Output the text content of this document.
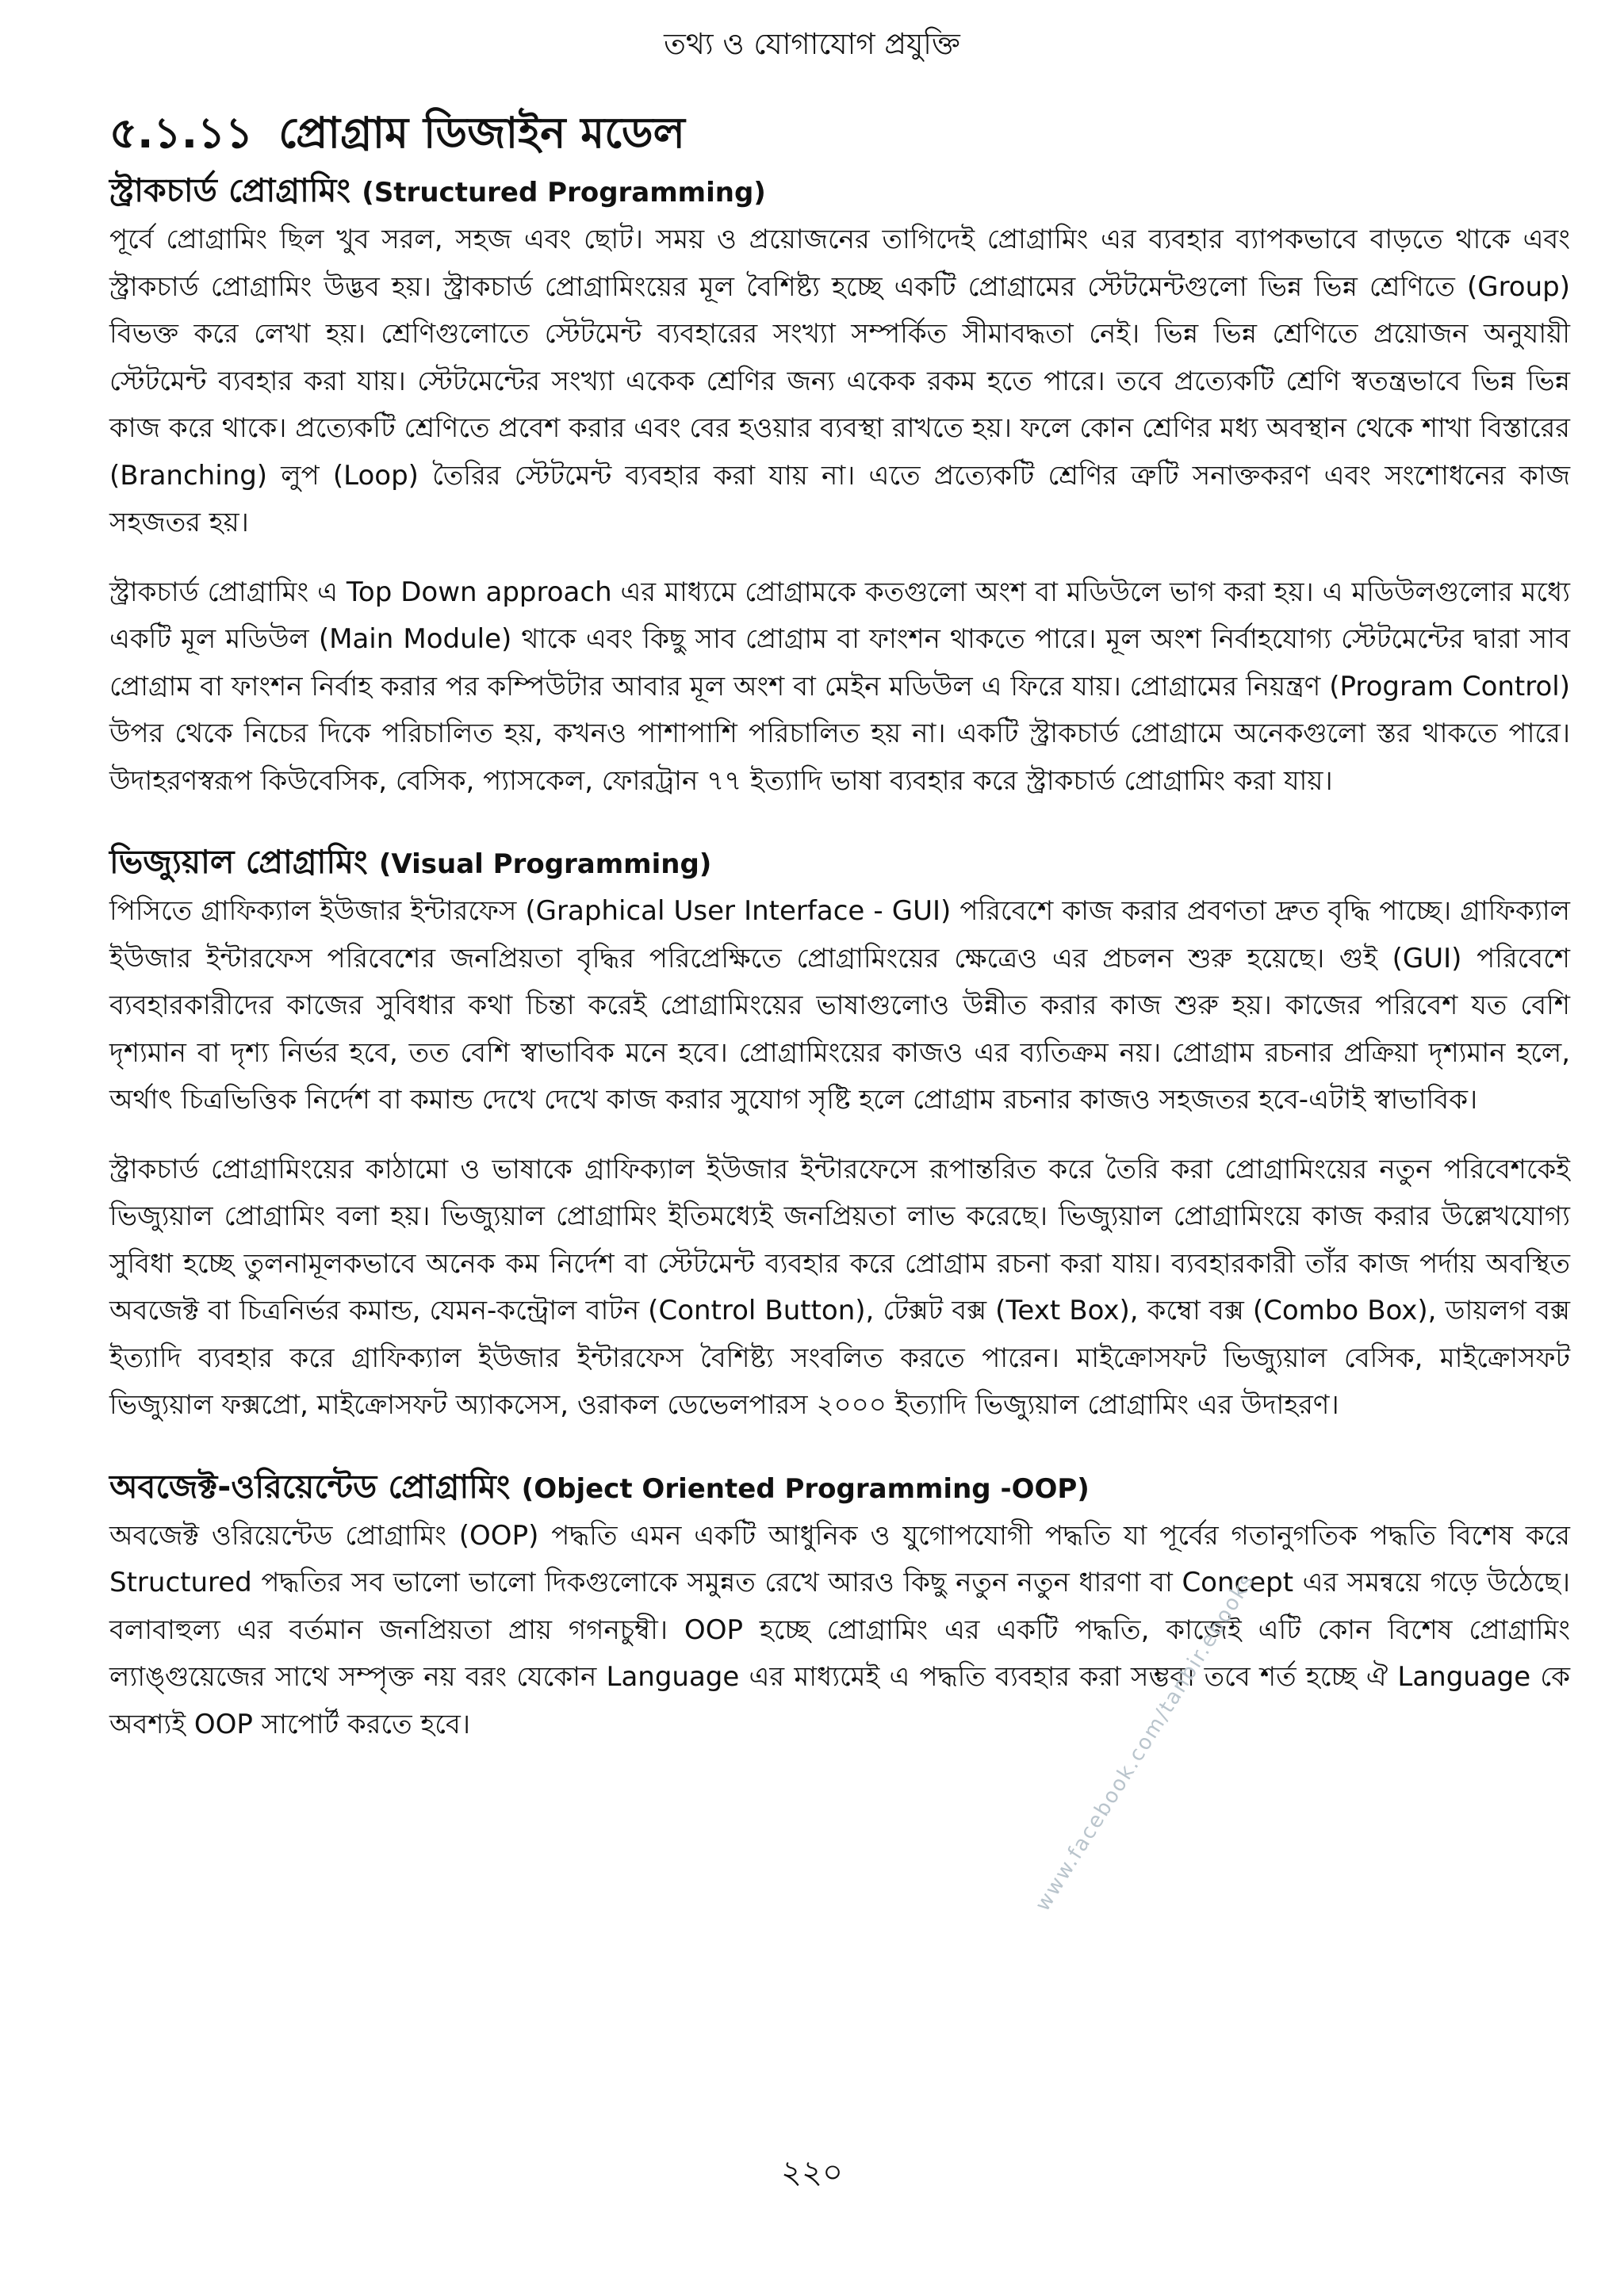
তথ্য ও যোগাযোগ প্রযুক্তি
৫.১.১১ প্রোগ্রাম ডিজাইন মডেল
স্ট্রাকচার্ড প্রোগ্রামিং (Structured Programming)

পূর্বে প্রোগ্রামিং ছিল খুব সরল, সহজ এবং ছোট। সময় ও প্রয়োজনের তাগিদেই প্রোগ্রামিং এর ব্যবহার ব্যাপকভাবে বাড়তে থাকে এবং স্ট্রাকচার্ড প্রোগ্রামিং উদ্ভব হয়। স্ট্রাকচার্ড প্রোগ্রামিংয়ের মূল বৈশিষ্ট্য হচ্ছে একটি প্রোগ্রামের স্টেটমেন্টগুলো ভিন্ন ভিন্ন শ্রেণিতে (Group) বিভক্ত করে লেখা হয়। শ্রেণিগুলোতে স্টেটমেন্ট ব্যবহারের সংখ্যা সম্পর্কিত সীমাবদ্ধতা নেই। ভিন্ন ভিন্ন শ্রেণিতে প্রয়োজন অনুযায়ী স্টেটমেন্ট ব্যবহার করা যায়। স্টেটমেন্টের সংখ্যা একেক শ্রেণির জন্য একেক রকম হতে পারে। তবে প্রত্যেকটি শ্রেণি স্বতন্ত্রভাবে ভিন্ন ভিন্ন কাজ করে থাকে। প্রত্যেকটি শ্রেণিতে প্রবেশ করার এবং বের হওয়ার ব্যবস্থা রাখতে হয়। ফলে কোন শ্রেণির মধ্য অবস্থান থেকে শাখা বিস্তারের (Branching) লুপ (Loop) তৈরির স্টেটমেন্ট ব্যবহার করা যায় না। এতে প্রত্যেকটি শ্রেণির ত্রুটি সনাক্তকরণ এবং সংশোধনের কাজ সহজতর হয়।

স্ট্রাকচার্ড প্রোগ্রামিং এ Top Down approach এর মাধ্যমে প্রোগ্রামকে কতগুলো অংশ বা মডিউলে ভাগ করা হয়। এ মডিউলগুলোর মধ্যে একটি মূল মডিউল (Main Module) থাকে এবং কিছু সাব প্রোগ্রাম বা ফাংশন থাকতে পারে। মূল অংশ নির্বাহযোগ্য স্টেটমেন্টের দ্বারা সাব প্রোগ্রাম বা ফাংশন নির্বাহ করার পর কম্পিউটার আবার মূল অংশ বা মেইন মডিউল এ ফিরে যায়। প্রোগ্রামের নিয়ন্ত্রণ (Program Control) উপর থেকে নিচের দিকে পরিচালিত হয়, কখনও পাশাপাশি পরিচালিত হয় না। একটি স্ট্রাকচার্ড প্রোগ্রামে অনেকগুলো স্তর থাকতে পারে। উদাহরণস্বরূপ কিউবেসিক, বেসিক, প্যাসকেল, ফোরট্রান ৭৭ ইত্যাদি ভাষা ব্যবহার করে স্ট্রাকচার্ড প্রোগ্রামিং করা যায়।

ভিজ্যুয়াল প্রোগ্রামিং (Visual Programming)

পিসিতে গ্রাফিক্যাল ইউজার ইন্টারফেস (Graphical User Interface - GUI) পরিবেশে কাজ করার প্রবণতা দ্রুত বৃদ্ধি পাচ্ছে। গ্রাফিক্যাল ইউজার ইন্টারফেস পরিবেশের জনপ্রিয়তা বৃদ্ধির পরিপ্রেক্ষিতে প্রোগ্রামিংয়ের ক্ষেত্রেও এর প্রচলন শুরু হয়েছে। গুই (GUI) পরিবেশে ব্যবহারকারীদের কাজের সুবিধার কথা চিন্তা করেই প্রোগ্রামিংয়ের ভাষাগুলোও উন্নীত করার কাজ শুরু হয়। কাজের পরিবেশ যত বেশি দৃশ্যমান বা দৃশ্য নির্ভর হবে, তত বেশি স্বাভাবিক মনে হবে। প্রোগ্রামিংয়ের কাজও এর ব্যতিক্রম নয়। প্রোগ্রাম রচনার প্রক্রিয়া দৃশ্যমান হলে, অর্থাৎ চিত্রভিত্তিক নির্দেশ বা কমান্ড দেখে দেখে কাজ করার সুযোগ সৃষ্টি হলে প্রোগ্রাম রচনার কাজও সহজতর হবে-এটাই স্বাভাবিক।

স্ট্রাকচার্ড প্রোগ্রামিংয়ের কাঠামো ও ভাষাকে গ্রাফিক্যাল ইউজার ইন্টারফেসে রূপান্তরিত করে তৈরি করা প্রোগ্রামিংয়ের নতুন পরিবেশকেই ভিজ্যুয়াল প্রোগ্রামিং বলা হয়। ভিজ্যুয়াল প্রোগ্রামিং ইতিমধ্যেই জনপ্রিয়তা লাভ করেছে। ভিজ্যুয়াল প্রোগ্রামিংয়ে কাজ করার উল্লেখযোগ্য সুবিধা হচ্ছে তুলনামূলকভাবে অনেক কম নির্দেশ বা স্টেটমেন্ট ব্যবহার করে প্রোগ্রাম রচনা করা যায়। ব্যবহারকারী তাঁর কাজ পর্দায় অবস্থিত অবজেক্ট বা চিত্রনির্ভর কমান্ড, যেমন-কন্ট্রোল বাটন (Control Button), টেক্সট বক্স (Text Box), কম্বো বক্স (Combo Box), ডায়লগ বক্স ইত্যাদি ব্যবহার করে গ্রাফিক্যাল ইউজার ইন্টারফেস বৈশিষ্ট্য সংবলিত করতে পারেন। মাইক্রোসফট ভিজ্যুয়াল বেসিক, মাইক্রোসফট ভিজ্যুয়াল ফক্সপ্রো, মাইক্রোসফট অ্যাকসেস, ওরাকল ডেভেলপারস ২০০০ ইত্যাদি ভিজ্যুয়াল প্রোগ্রামিং এর উদাহরণ।

অবজেক্ট-ওরিয়েন্টেড প্রোগ্রামিং (Object Oriented Programming -OOP)

অবজেক্ট ওরিয়েন্টেড প্রোগ্রামিং (OOP) পদ্ধতি এমন একটি আধুনিক ও যুগোপযোগী পদ্ধতি যা পূর্বের গতানুগতিক পদ্ধতি বিশেষ করে Structured পদ্ধতির সব ভালো ভালো দিকগুলোকে সমুন্নত রেখে আরও কিছু নতুন নতুন ধারণা বা Concept এর সমন্বয়ে গড়ে উঠেছে। বলাবাহুল্য এর বর্তমান জনপ্রিয়তা প্রায় গগনচুম্বী। OOP হচ্ছে প্রোগ্রামিং এর একটি পদ্ধতি, কাজেই এটি কোন বিশেষ প্রোগ্রামিং ল্যাঙ্গুয়েজের সাথে সম্পৃক্ত নয় বরং যেকোন Language এর মাধ্যমেই এ পদ্ধতি ব্যবহার করা সম্ভব। তবে শর্ত হচ্ছে ঐ Language কে অবশ্যই OOP সাপোর্ট করতে হবে।	www.facebook.com/tanbir.ebooks
২২০
